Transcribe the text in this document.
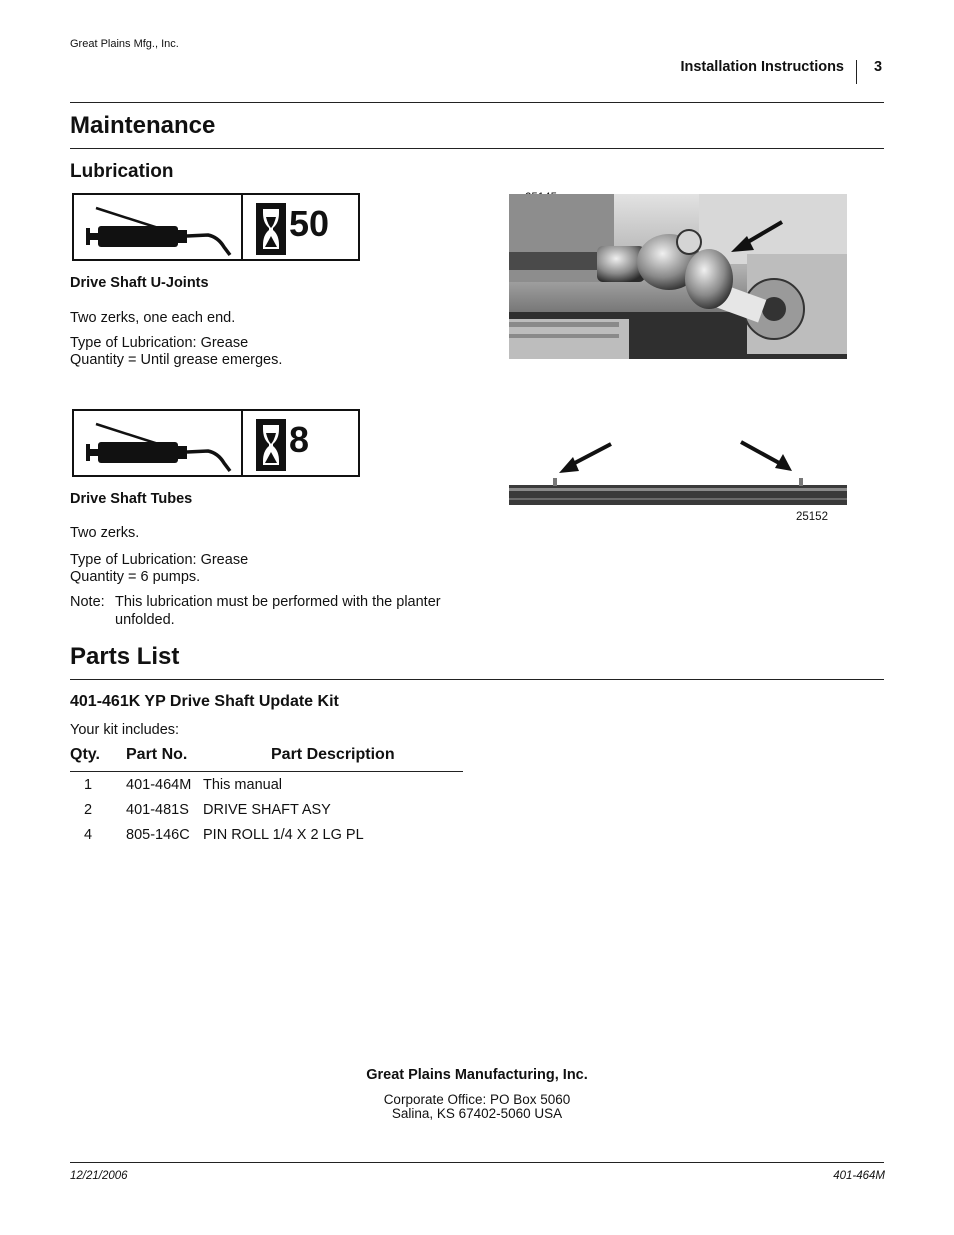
Great Plains Mfg., Inc.
Installation Instructions 3
Maintenance
Lubrication
50
Drive Shaft U-Joints

Two zerks, one each end.

Type of Lubrication: Grease

Quantity = Until grease emerges.

8
Drive Shaft Tubes

Two zerks.

Type of Lubrication: Grease

Quantity = 6 pumps.

Note: This lubrication must be performed with the planter

unfolded.

25152
Parts List
401-461K YP Drive Shaft Update Kit

Your kit includes:

Qty.	Part No.	Part Description
1	401-464M This manual	
2	401-481S DRIVE SHAFT ASY	
4	805-146C PIN ROLL 1/4 X 2 LG PL	
Great Plains Manufacturing, Inc.
Corporate Office: PO Box 5060
Salina, KS 67402-5060 USA
12/21/2006	401-464M
